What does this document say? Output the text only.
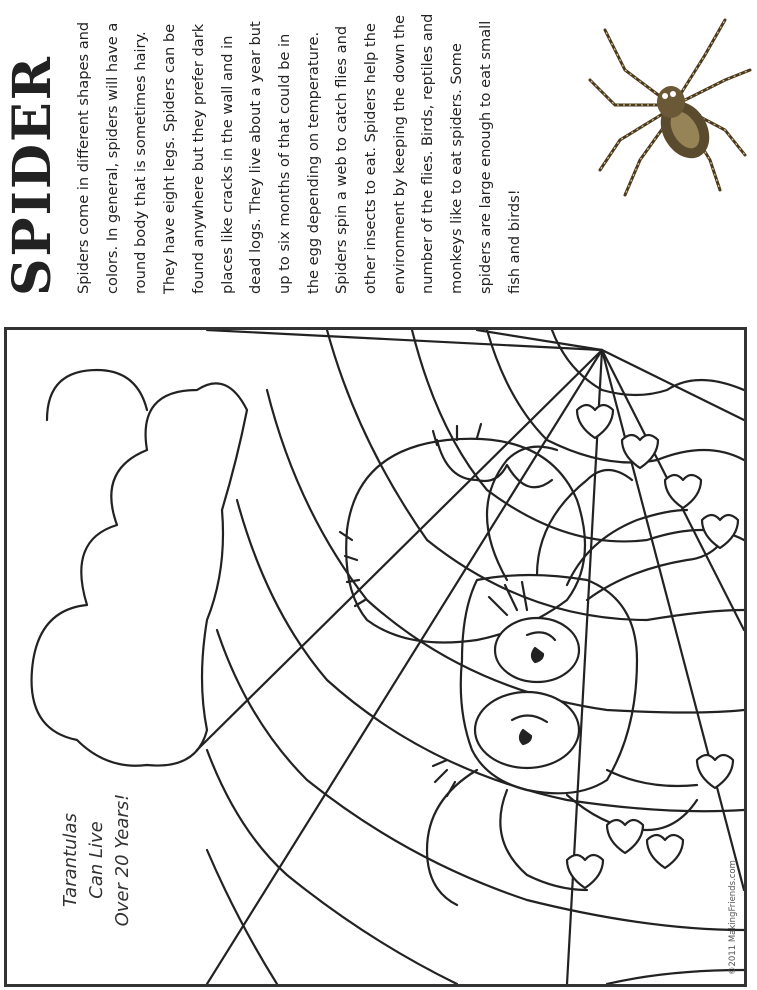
SPIDER Spiders come in different shapes and colors. In general, spiders will have a round body that is sometimes hairy. They have eight legs. Spiders can be found anywhere but they prefer dark places like cracks in the wall and in dead logs. They live about a year but up to six months of that could be in the egg depending on temperature. Spiders spin a web to catch flies and other insects to eat. Spiders help the environment by keeping the down the number of the flies. Birds, reptiles and monkeys like to eat spiders. Some spiders are large enough to eat small fish and birds!

Tarantulas Can Live Over 20 Years!	©2011 MakingFriends.com
